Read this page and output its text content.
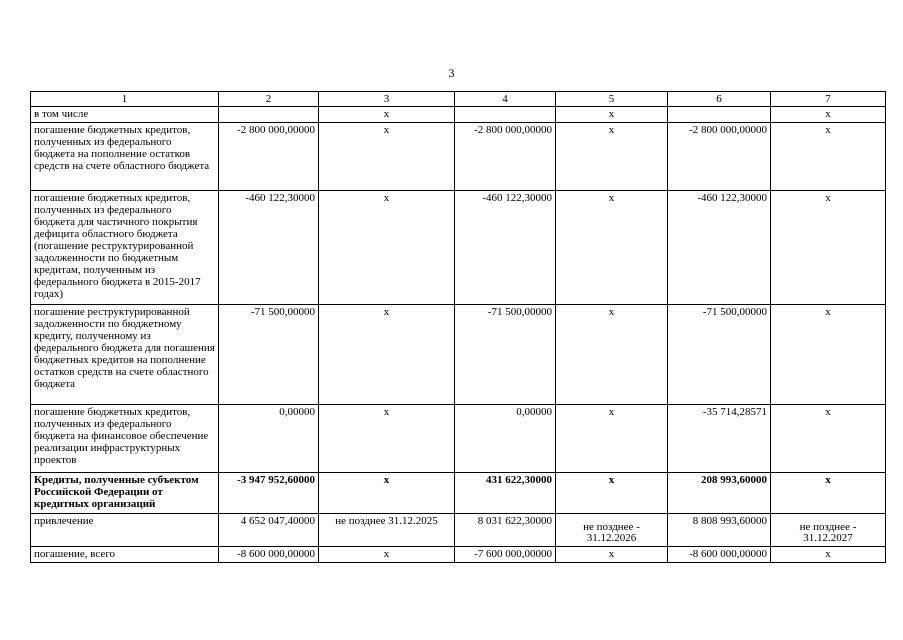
3
1	2	3	4	5	6	7
в том числе		x		x		x
погашение бюджетных кредитов, полученных из федерального бюджета на пополнение остатков средств на счете областного бюджета	-2 800 000,00000	x	-2 800 000,00000	x	-2 800 000,00000	x
погашение бюджетных кредитов, полученных из федерального бюджета для частичного покрытия дефицита областного бюджета (погашение реструктурированной задолженности по бюджетным кредитам, полученным из федерального бюджета в 2015-2017 годах)	-460 122,30000	x	-460 122,30000	x	-460 122,30000	x
погашение реструктурированной задолженности по бюджетному кредиту, полученному из федерального бюджета для погашения бюджетных кредитов на пополнение остатков средств на счете областного бюджета	-71 500,00000	x	-71 500,00000	x	-71 500,00000	x
погашение бюджетных кредитов, полученных из федерального бюджета на финансовое обеспечение реализации инфраструктурных проектов	0,00000	x	0,00000	x	-35 714,28571	x
Кредиты, полученные субъектом Российской Федерации от кредитных организаций	-3 947 952,60000	x	431 622,30000	x	208 993,60000	x
привлечение	4 652 047,40000	не позднее 31.12.2025	8 031 622,30000	не позднее - 31.12.2026	8 808 993,60000	не позднее - 31.12.2027
погашение, всего	-8 600 000,00000	x	-7 600 000,00000	x	-8 600 000,00000	x
